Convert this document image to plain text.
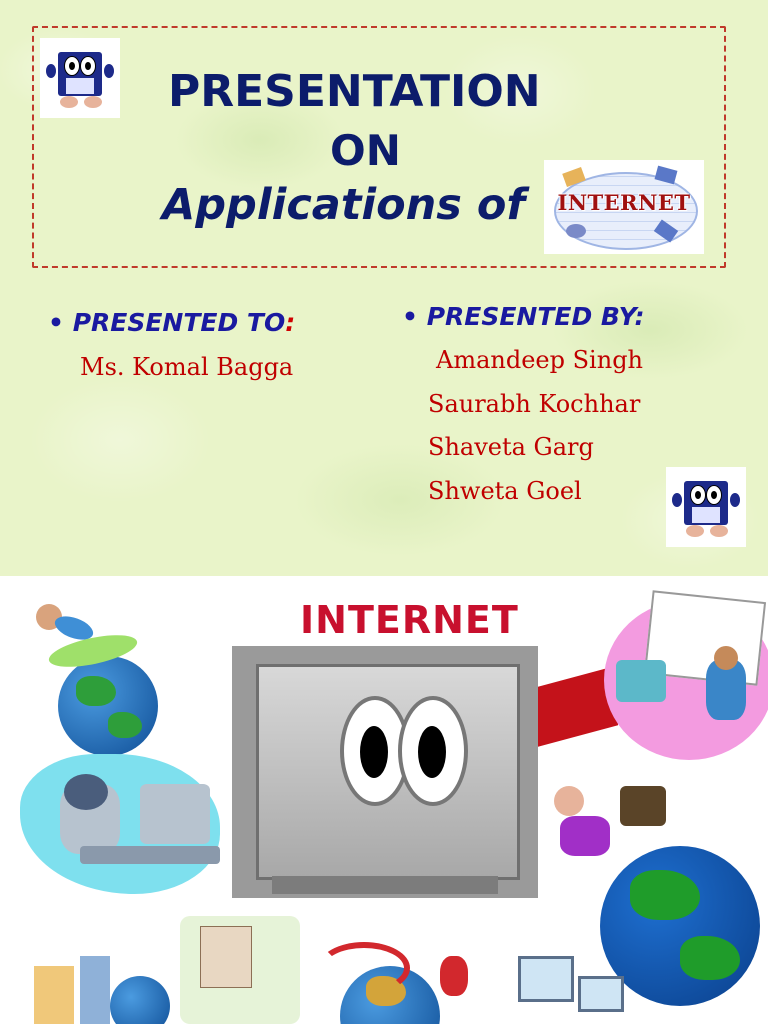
PRESENTATION
ON
Applications of	INTERNET
• PRESENTED TO:
Ms. Komal Bagga
• PRESENTED BY:
Amandeep Singh
Saurabh Kochhar
Shaveta Garg
Shweta Goel
INTERNET
